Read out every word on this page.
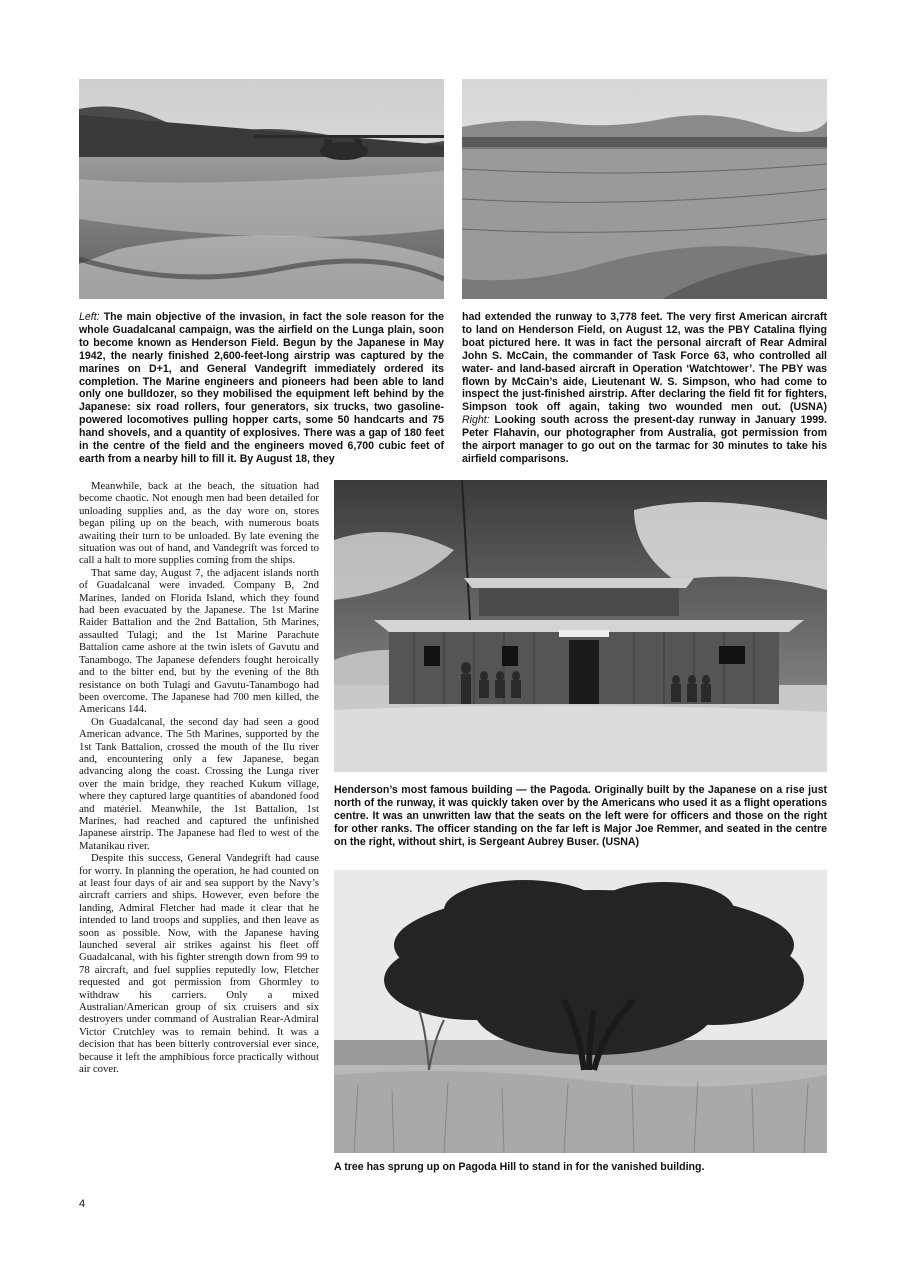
Left: The main objective of the invasion, in fact the sole reason for the whole Guadalcanal campaign, was the airfield on the Lunga plain, soon to become known as Henderson Field. Begun by the Japanese in May 1942, the nearly finished 2,600-feet-long airstrip was captured by the marines on D+1, and General Vandegrift immediately ordered its completion. The Marine engineers and pioneers had been able to land only one bulldozer, so they mobilised the equipment left behind by the Japanese: six road rollers, four generators, six trucks, two gasoline-powered locomotives pulling hopper carts, some 50 handcarts and 75 hand shovels, and a quantity of explosives. There was a gap of 180 feet in the centre of the field and the engineers moved 6,700 cubic feet of earth from a nearby hill to fill it. By August 18, they

had extended the runway to 3,778 feet. The very first American aircraft to land on Henderson Field, on August 12, was the PBY Catalina flying boat pictured here. It was in fact the personal aircraft of Rear Admiral John S. McCain, the commander of Task Force 63, who controlled all water- and land-based aircraft in Operation ‘Watchtower’. The PBY was flown by McCain’s aide, Lieutenant W. S. Simpson, who had come to inspect the just-finished airstrip. After declaring the field fit for fighters, Simpson took off again, taking two wounded men out. (USNA)

Right: Looking south across the present-day runway in January 1999. Peter Flahavin, our photographer from Australia, got permission from the airport manager to go out on the tarmac for 30 minutes to take his airfield comparisons.

Meanwhile, back at the beach, the situation had become chaotic. Not enough men had been detailed for unloading supplies and, as the day wore on, stores began piling up on the beach, with numerous boats awaiting their turn to be unloaded. By late evening the situation was out of hand, and Vandegrift was forced to call a halt to more supplies coming from the ships.

That same day, August 7, the adjacent islands north of Guadalcanal were invaded. Company B, 2nd Marines, landed on Florida Island, which they found had been evacuated by the Japanese. The 1st Marine Raider Battalion and the 2nd Battalion, 5th Marines, assaulted Tulagi; and the 1st Marine Parachute Battalion came ashore at the twin islets of Gavutu and Tanambogo. The Japanese defenders fought heroically and to the bitter end, but by the evening of the 8th resistance on both Tulagi and Gavutu-Tanambogo had been overcome. The Japanese had 700 men killed, the Americans 144.

On Guadalcanal, the second day had seen a good American advance. The 5th Marines, supported by the 1st Tank Battalion, crossed the mouth of the Ilu river and, encountering only a few Japanese, began advancing along the coast. Crossing the Lunga river over the main bridge, they reached Kukum village, where they captured large quantities of abandoned food and matériel. Meanwhile, the 1st Battalion, 1st Marines, had reached and captured the unfinished Japanese airstrip. The Japanese had fled to west of the Matanikau river.

Despite this success, General Vandegrift had cause for worry. In planning the operation, he had counted on at least four days of air and sea support by the Navy’s aircraft carriers and ships. However, even before the landing, Admiral Fletcher had made it clear that he intended to land troops and supplies, and then leave as soon as possible. Now, with the Japanese having launched several air strikes against his fleet off Guadalcanal, with his fighter strength down from 99 to 78 aircraft, and fuel supplies reputedly low, Fletcher requested and got permission from Ghormley to withdraw his carriers. Only a mixed Australian/American group of six cruisers and six destroyers under command of Australian Rear-Admiral Victor Crutchley was to remain behind. It was a decision that has been bitterly controversial ever since, because it left the amphibious force practically without air cover.

Henderson’s most famous building — the Pagoda. Originally built by the Japanese on a rise just north of the runway, it was quickly taken over by the Americans who used it as a flight operations centre. It was an unwritten law that the seats on the left were for officers and those on the right for other ranks. The officer standing on the far left is Major Joe Remmer, and seated in the centre on the right, without shirt, is Sergeant Aubrey Buser. (USNA)

A tree has sprung up on Pagoda Hill to stand in for the vanished building.

4
